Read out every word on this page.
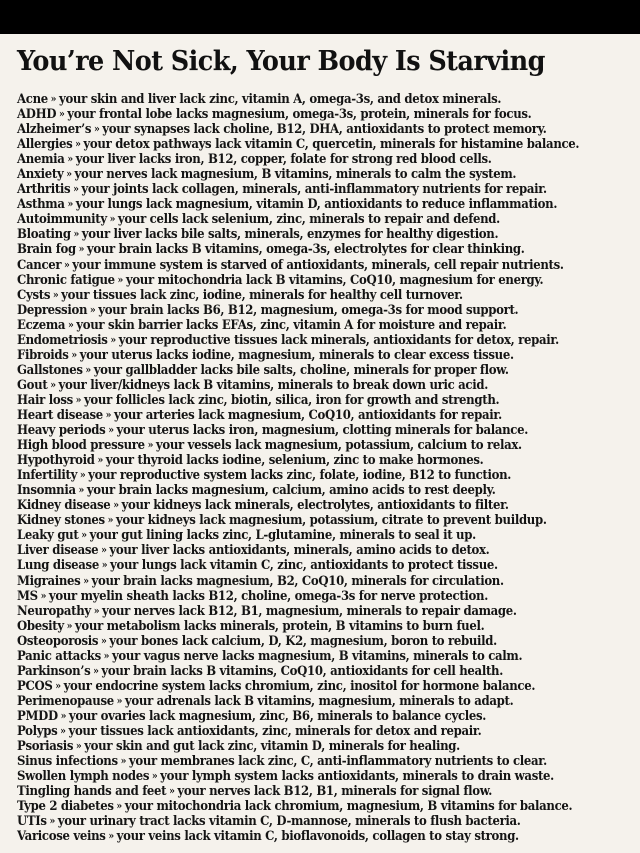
You’re Not Sick, Your Body Is Starving
Acne » your skin and liver lack zinc, vitamin A, omega-3s, and detox minerals.
ADHD » your frontal lobe lacks magnesium, omega-3s, protein, minerals for focus.
Alzheimer’s » your synapses lack choline, B12, DHA, antioxidants to protect memory.
Allergies » your detox pathways lack vitamin C, quercetin, minerals for histamine balance.
Anemia » your liver lacks iron, B12, copper, folate for strong red blood cells.
Anxiety » your nerves lack magnesium, B vitamins, minerals to calm the system.
Arthritis » your joints lack collagen, minerals, anti-inflammatory nutrients for repair.
Asthma » your lungs lack magnesium, vitamin D, antioxidants to reduce inflammation.
Autoimmunity » your cells lack selenium, zinc, minerals to repair and defend.
Bloating » your liver lacks bile salts, minerals, enzymes for healthy digestion.
Brain fog » your brain lacks B vitamins, omega-3s, electrolytes for clear thinking.
Cancer » your immune system is starved of antioxidants, minerals, cell repair nutrients.
Chronic fatigue » your mitochondria lack B vitamins, CoQ10, magnesium for energy.
Cysts » your tissues lack zinc, iodine, minerals for healthy cell turnover.
Depression » your brain lacks B6, B12, magnesium, omega-3s for mood support.
Eczema » your skin barrier lacks EFAs, zinc, vitamin A for moisture and repair.
Endometriosis » your reproductive tissues lack minerals, antioxidants for detox, repair.
Fibroids » your uterus lacks iodine, magnesium, minerals to clear excess tissue.
Gallstones » your gallbladder lacks bile salts, choline, minerals for proper flow.
Gout » your liver/kidneys lack B vitamins, minerals to break down uric acid.
Hair loss » your follicles lack zinc, biotin, silica, iron for growth and strength.
Heart disease » your arteries lack magnesium, CoQ10, antioxidants for repair.
Heavy periods » your uterus lacks iron, magnesium, clotting minerals for balance.
High blood pressure » your vessels lack magnesium, potassium, calcium to relax.
Hypothyroid » your thyroid lacks iodine, selenium, zinc to make hormones.
Infertility » your reproductive system lacks zinc, folate, iodine, B12 to function.
Insomnia » your brain lacks magnesium, calcium, amino acids to rest deeply.
Kidney disease » your kidneys lack minerals, electrolytes, antioxidants to filter.
Kidney stones » your kidneys lack magnesium, potassium, citrate to prevent buildup.
Leaky gut » your gut lining lacks zinc, L-glutamine, minerals to seal it up.
Liver disease » your liver lacks antioxidants, minerals, amino acids to detox.
Lung disease » your lungs lack vitamin C, zinc, antioxidants to protect tissue.
Migraines » your brain lacks magnesium, B2, CoQ10, minerals for circulation.
MS » your myelin sheath lacks B12, choline, omega-3s for nerve protection.
Neuropathy » your nerves lack B12, B1, magnesium, minerals to repair damage.
Obesity » your metabolism lacks minerals, protein, B vitamins to burn fuel.
Osteoporosis » your bones lack calcium, D, K2, magnesium, boron to rebuild.
Panic attacks » your vagus nerve lacks magnesium, B vitamins, minerals to calm.
Parkinson’s » your brain lacks B vitamins, CoQ10, antioxidants for cell health.
PCOS » your endocrine system lacks chromium, zinc, inositol for hormone balance.
Perimenopause » your adrenals lack B vitamins, magnesium, minerals to adapt.
PMDD » your ovaries lack magnesium, zinc, B6, minerals to balance cycles.
Polyps » your tissues lack antioxidants, zinc, minerals for detox and repair.
Psoriasis » your skin and gut lack zinc, vitamin D, minerals for healing.
Sinus infections » your membranes lack zinc, C, anti-inflammatory nutrients to clear.
Swollen lymph nodes » your lymph system lacks antioxidants, minerals to drain waste.
Tingling hands and feet » your nerves lack B12, B1, minerals for signal flow.
Type 2 diabetes » your mitochondria lack chromium, magnesium, B vitamins for balance.
UTIs » your urinary tract lacks vitamin C, D-mannose, minerals to flush bacteria.
Varicose veins » your veins lack vitamin C, bioflavonoids, collagen to stay strong.
